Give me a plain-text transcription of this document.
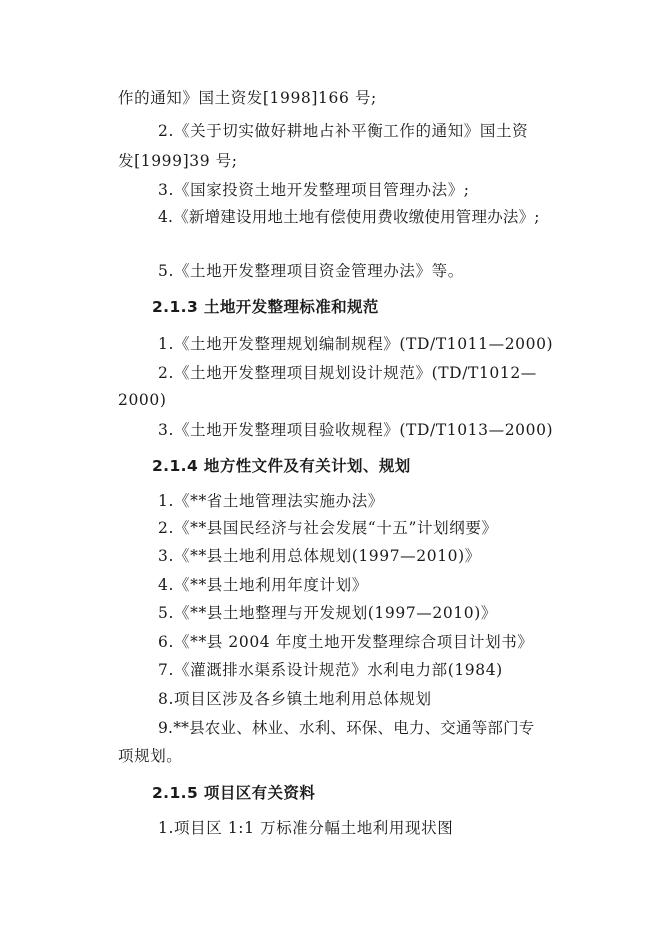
作的通知》国土资发[1998]166 号;
2.《关于切实做好耕地占补平衡工作的通知》国土资
发[1999]39 号;
3.《国家投资土地开发整理项目管理办法》;
4.《新增建设用地土地有偿使用费收缴使用管理办法》;
5.《土地开发整理项目资金管理办法》等。
2.1.3 土地开发整理标准和规范
1.《土地开发整理规划编制规程》(TD/T1011—2000)
2.《土地开发整理项目规划设计规范》(TD/T1012—
2000)
3.《土地开发整理项目验收规程》(TD/T1013—2000)
2.1.4 地方性文件及有关计划、规划
1.《**省土地管理法实施办法》
2.《**县国民经济与社会发展“十五”计划纲要》
3.《**县土地利用总体规划(1997—2010)》
4.《**县土地利用年度计划》
5.《**县土地整理与开发规划(1997—2010)》
6.《**县 2004 年度土地开发整理综合项目计划书》
7.《灌溉排水渠系设计规范》水利电力部(1984)
8.项目区涉及各乡镇土地利用总体规划
9.**县农业、林业、水利、环保、电力、交通等部门专
项规划。
2.1.5 项目区有关资料
1.项目区 1:1 万标准分幅土地利用现状图
